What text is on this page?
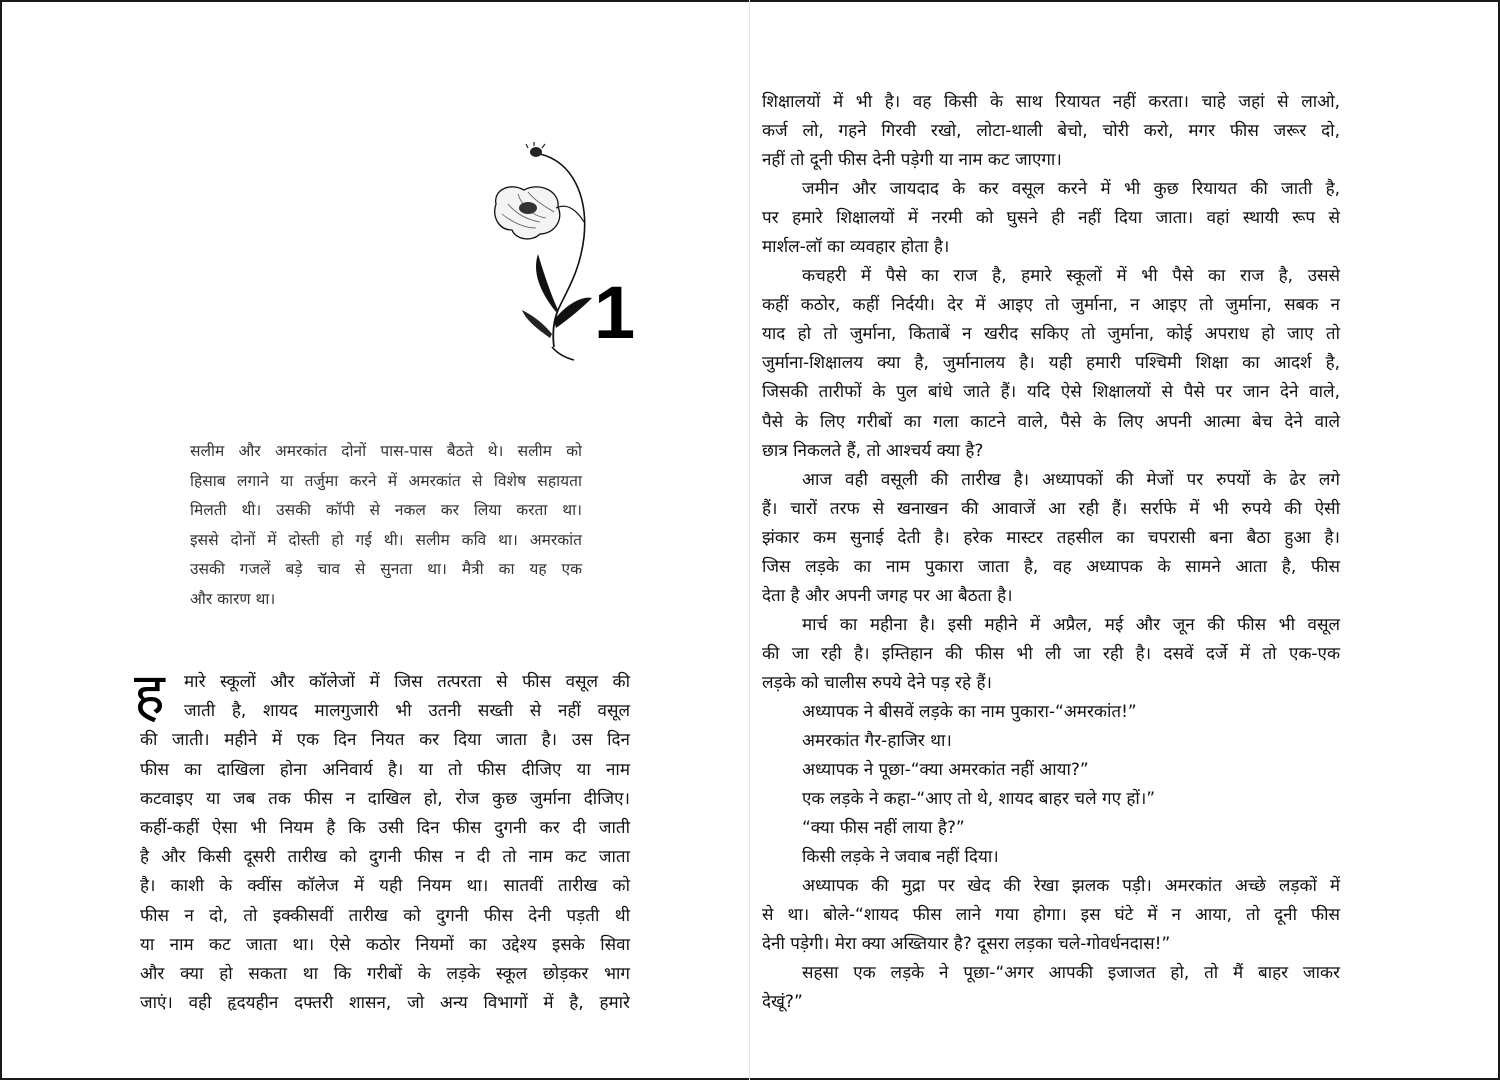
1
सलीम और अमरकांत दोनों पास-पास बैठते थे। सलीम को
हिसाब लगाने या तर्जुमा करने में अमरकांत से विशेष सहायता
मिलती थी। उसकी कॉपी से नकल कर लिया करता था।
इससे दोनों में दोस्ती हो गई थी। सलीम कवि था। अमरकांत
उसकी गजलें बड़े चाव से सुनता था। मैत्री का यह एक
और कारण था।
ह	मारे स्कूलों और कॉलेजों में जिस तत्परता से फीस वसूल की
जाती है, शायद मालगुजारी भी उतनी सख्ती से नहीं वसूल
की जाती। महीने में एक दिन नियत कर दिया जाता है। उस दिन
फीस का दाखिला होना अनिवार्य है। या तो फीस दीजिए या नाम
कटवाइए या जब तक फीस न दाखिल हो, रोज कुछ जुर्माना दीजिए।
कहीं-कहीं ऐसा भी नियम है कि उसी दिन फीस दुगनी कर दी जाती
है और किसी दूसरी तारीख को दुगनी फीस न दी तो नाम कट जाता
है। काशी के क्वींस कॉलेज में यही नियम था। सातवीं तारीख को
फीस न दो, तो इक्कीसवीं तारीख को दुगनी फीस देनी पड़ती थी
या नाम कट जाता था। ऐसे कठोर नियमों का उद्देश्य इसके सिवा
और क्या हो सकता था कि गरीबों के लड़के स्कूल छोड़कर भाग
जाएं। वही हृदयहीन दफ्तरी शासन, जो अन्य विभागों में है, हमारे
शिक्षालयों में भी है। वह किसी के साथ रियायत नहीं करता। चाहे जहां से लाओ,
कर्ज लो, गहने गिरवी रखो, लोटा-थाली बेचो, चोरी करो, मगर फीस जरूर दो,
नहीं तो दूनी फीस देनी पड़ेगी या नाम कट जाएगा।
जमीन और जायदाद के कर वसूल करने में भी कुछ रियायत की जाती है,
पर हमारे शिक्षालयों में नरमी को घुसने ही नहीं दिया जाता। वहां स्थायी रूप से
मार्शल-लॉ का व्यवहार होता है।
कचहरी में पैसे का राज है, हमारे स्कूलों में भी पैसे का राज है, उससे
कहीं कठोर, कहीं निर्दयी। देर में आइए तो जुर्माना, न आइए तो जुर्माना, सबक न
याद हो तो जुर्माना, किताबें न खरीद सकिए तो जुर्माना, कोई अपराध हो जाए तो
जुर्माना-शिक्षालय क्या है, जुर्मानालय है। यही हमारी पश्चिमी शिक्षा का आदर्श है,
जिसकी तारीफों के पुल बांधे जाते हैं। यदि ऐसे शिक्षालयों से पैसे पर जान देने वाले,
पैसे के लिए गरीबों का गला काटने वाले, पैसे के लिए अपनी आत्मा बेच देने वाले
छात्र निकलते हैं, तो आश्चर्य क्या है?
आज वही वसूली की तारीख है। अध्यापकों की मेजों पर रुपयों के ढेर लगे
हैं। चारों तरफ से खनाखन की आवाजें आ रही हैं। सर्राफे में भी रुपये की ऐसी
झंकार कम सुनाई देती है। हरेक मास्टर तहसील का चपरासी बना बैठा हुआ है।
जिस लड़के का नाम पुकारा जाता है, वह अध्यापक के सामने आता है, फीस
देता है और अपनी जगह पर आ बैठता है।
मार्च का महीना है। इसी महीने में अप्रैल, मई और जून की फीस भी वसूल
की जा रही है। इम्तिहान की फीस भी ली जा रही है। दसवें दर्जे में तो एक-एक
लड़के को चालीस रुपये देने पड़ रहे हैं।
अध्यापक ने बीसवें लड़के का नाम पुकारा-“अमरकांत!”
अमरकांत गैर-हाजिर था।
अध्यापक ने पूछा-“क्या अमरकांत नहीं आया?”
एक लड़के ने कहा-“आए तो थे, शायद बाहर चले गए हों।”
“क्या फीस नहीं लाया है?”
किसी लड़के ने जवाब नहीं दिया।
अध्यापक की मुद्रा पर खेद की रेखा झलक पड़ी। अमरकांत अच्छे लड़कों में
से था। बोले-“शायद फीस लाने गया होगा। इस घंटे में न आया, तो दूनी फीस
देनी पड़ेगी। मेरा क्या अख्तियार है? दूसरा लड़का चले-गोवर्धनदास!”
सहसा एक लड़के ने पूछा-“अगर आपकी इजाजत हो, तो मैं बाहर जाकर
देखूं?”
